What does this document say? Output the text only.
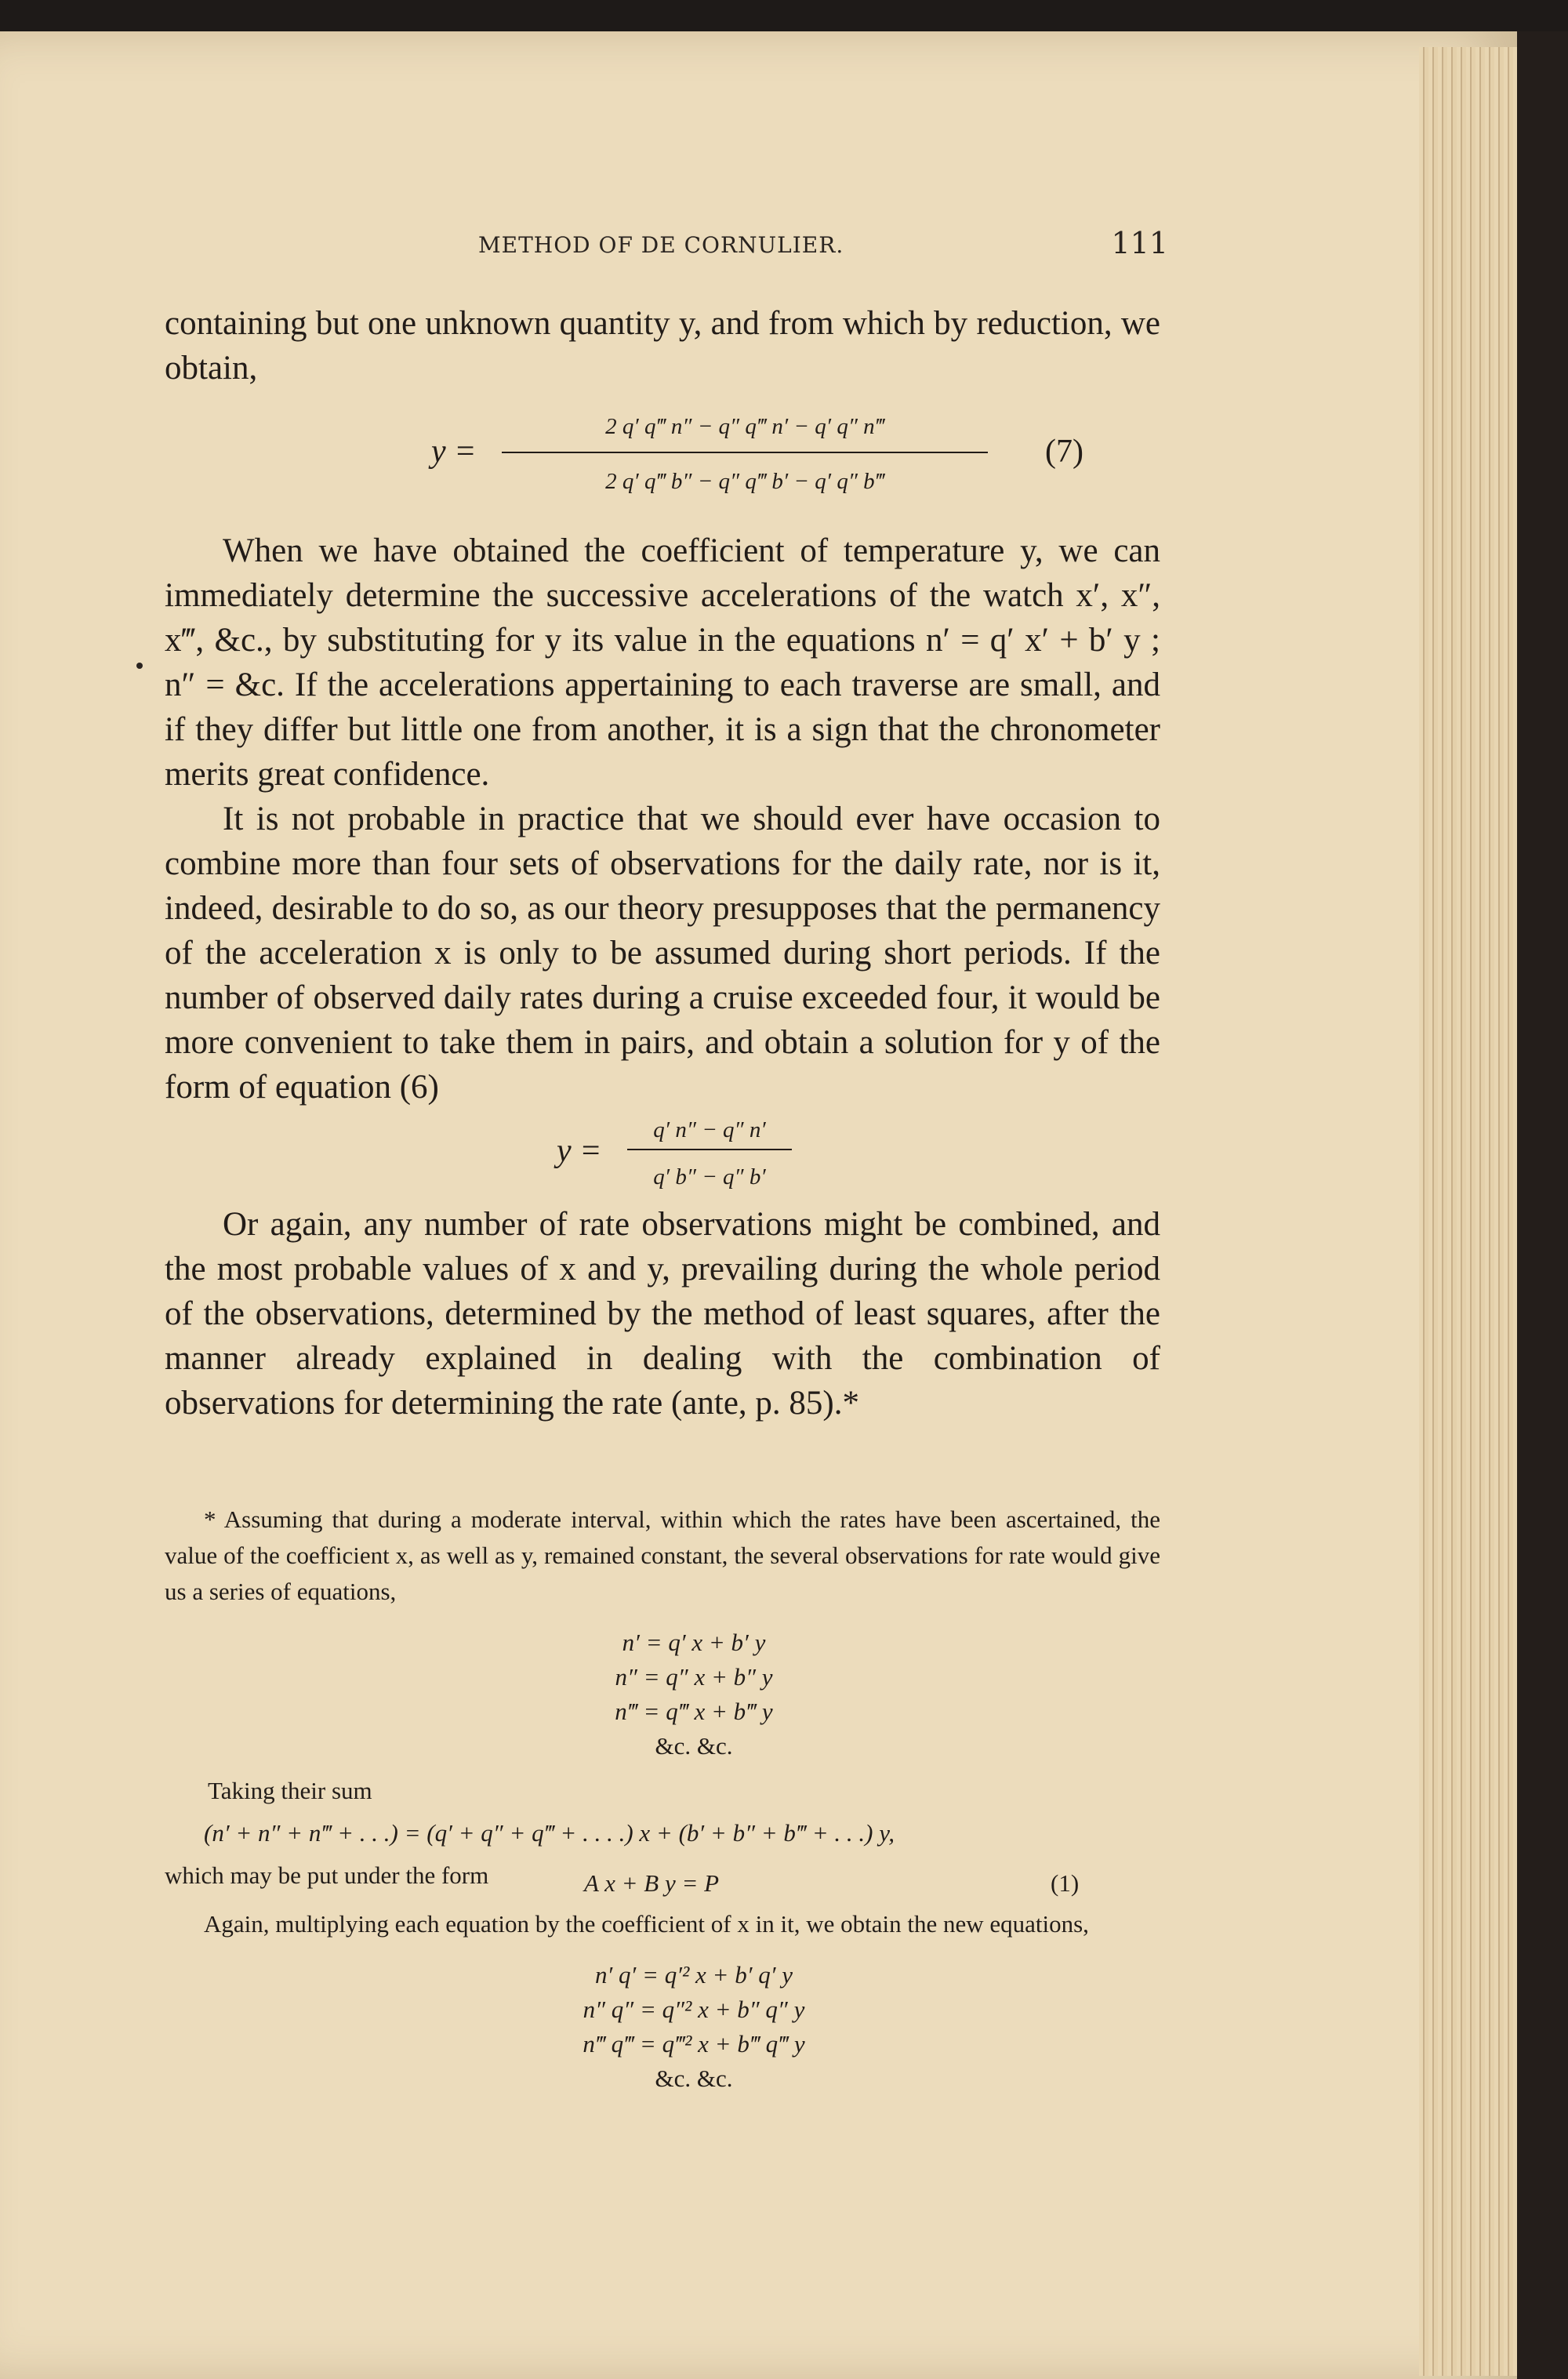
METHOD OF DE CORNULIER.	111

containing but one unknown quantity y, and from which by reduction, we obtain,

y =
2 q′ q‴ n″ − q″ q‴ n′ − q′ q″ n‴
2 q′ q‴ b″ − q″ q‴ b′ − q′ q″ b‴
(7)

When we have obtained the coefficient of temperature y, we can immediately determine the successive accelerations of the watch x′, x″, x‴, &c., by substituting for y its value in the equations n′ = q′ x′ + b′ y ; n″ = &c. If the accelerations appertaining to each traverse are small, and if they differ but little one from another, it is a sign that the chronometer merits great confidence.

It is not probable in practice that we should ever have occasion to combine more than four sets of observations for the daily rate, nor is it, indeed, desirable to do so, as our theory presupposes that the permanency of the acceleration x is only to be assumed during short periods. If the number of observed daily rates during a cruise exceeded four, it would be more convenient to take them in pairs, and obtain a solution for y of the form of equation (6)

y =
q′ n″ − q″ n′
q′ b″ − q″ b′

Or again, any number of rate observations might be combined, and the most probable values of x and y, prevailing during the whole period of the observations, determined by the method of least squares, after the manner already explained in dealing with the combination of observations for determining the rate (ante, p. 85).*

* Assuming that during a moderate interval, within which the rates have been ascertained, the value of the coefficient x, as well as y, remained constant, the several observations for rate would give us a series of equations,

n′ = q′ x + b′ y
n″ = q″ x + b″ y
n‴ = q‴ x + b‴ y
&c. &c.
Taking their sum
(n′ + n″ + n‴ + . . .) = (q′ + q″ + q‴ + . . . .) x + (b′ + b″ + b‴ + . . .) y,
which may be put under the form	A x + B y = P	(1)

Again, multiplying each equation by the coefficient of x in it, we obtain the new equations,

n′ q′ = q′² x + b′ q′ y
n″ q″ = q″² x + b″ q″ y
n‴ q‴ = q‴² x + b‴ q‴ y
&c. &c.
